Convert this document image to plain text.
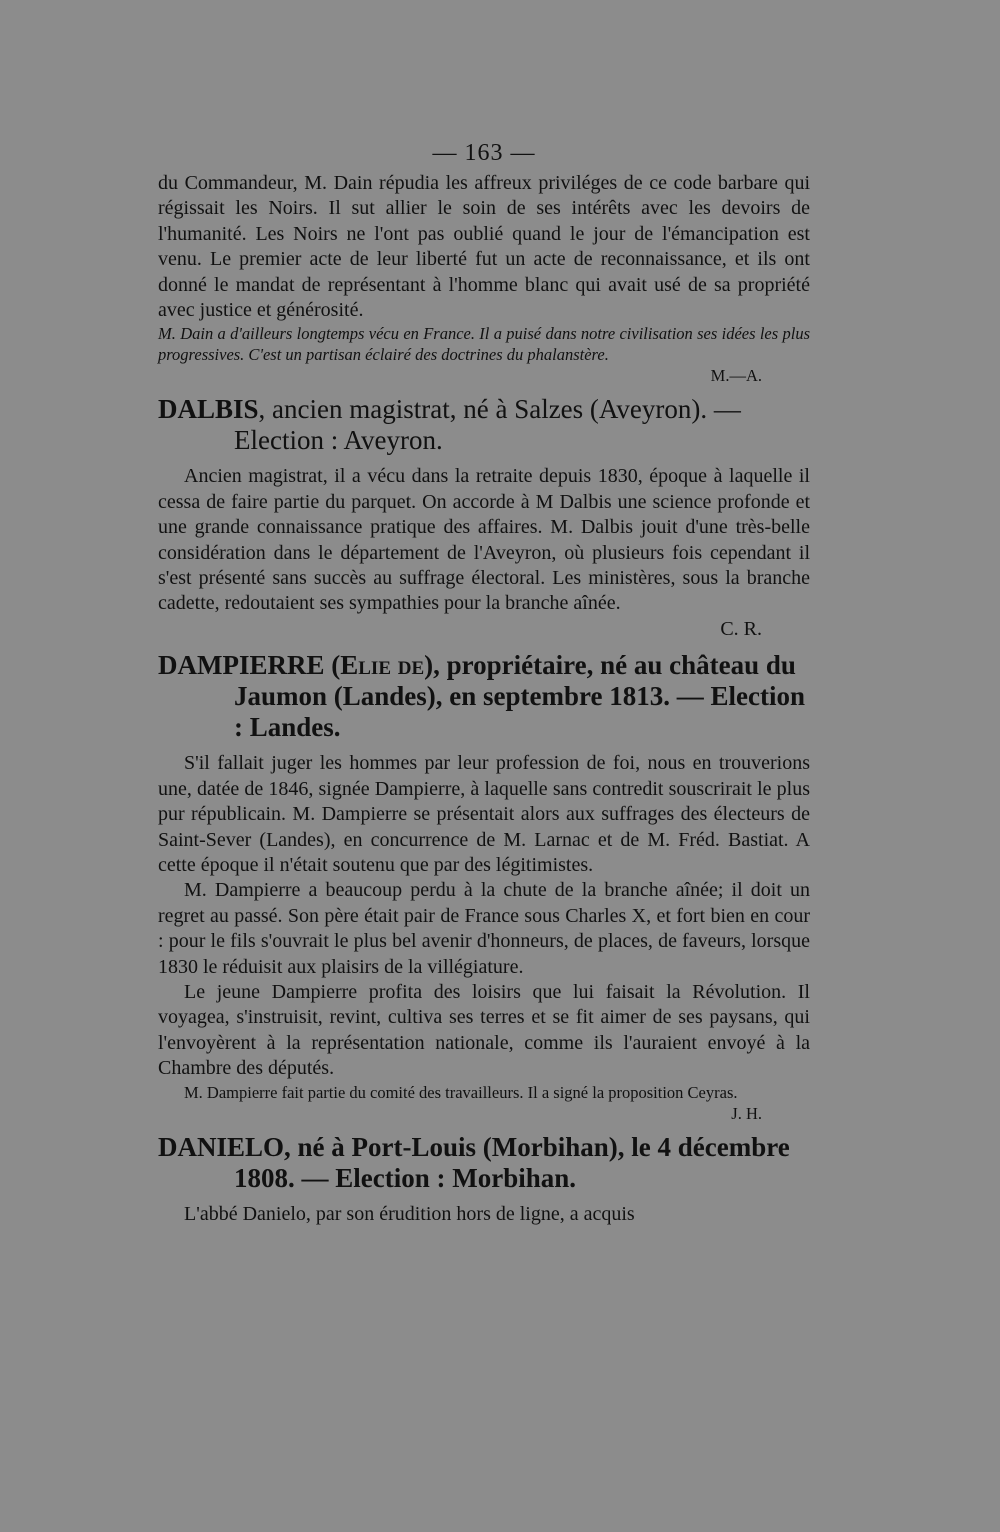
— 163 —

du Commandeur, M. Dain répudia les affreux priviléges de ce code barbare qui régissait les Noirs. Il sut allier le soin de ses intérêts avec les devoirs de l'humanité. Les Noirs ne l'ont pas oublié quand le jour de l'émancipation est venu. Le premier acte de leur liberté fut un acte de reconnaissance, et ils ont donné le mandat de représentant à l'homme blanc qui avait usé de sa propriété avec justice et générosité.

M. Dain a d'ailleurs longtemps vécu en France. Il a puisé dans notre civilisation ses idées les plus progressives. C'est un partisan éclairé des doctrines du phalanstère.

M.—A.

DALBIS, ancien magistrat, né à Salzes (Aveyron). — Election : Aveyron.

Ancien magistrat, il a vécu dans la retraite depuis 1830, époque à laquelle il cessa de faire partie du parquet. On accorde à M Dalbis une science profonde et une grande connaissance pratique des affaires. M. Dalbis jouit d'une très-belle considération dans le département de l'Aveyron, où plusieurs fois cependant il s'est présenté sans succès au suffrage électoral. Les ministères, sous la branche cadette, redoutaient ses sympathies pour la branche aînée.

C. R.

DAMPIERRE (Elie de), propriétaire, né au château du Jaumon (Landes), en septembre 1813. — Election : Landes.

S'il fallait juger les hommes par leur profession de foi, nous en trouverions une, datée de 1846, signée Dampierre, à laquelle sans contredit souscrirait le plus pur républicain. M. Dampierre se présentait alors aux suffrages des électeurs de Saint-Sever (Landes), en concurrence de M. Larnac et de M. Fréd. Bastiat. A cette époque il n'était soutenu que par des légitimistes.

M. Dampierre a beaucoup perdu à la chute de la branche aînée; il doit un regret au passé. Son père était pair de France sous Charles X, et fort bien en cour : pour le fils s'ouvrait le plus bel avenir d'honneurs, de places, de faveurs, lorsque 1830 le réduisit aux plaisirs de la villégiature.

Le jeune Dampierre profita des loisirs que lui faisait la Révolution. Il voyagea, s'instruisit, revint, cultiva ses terres et se fit aimer de ses paysans, qui l'envoyèrent à la représentation nationale, comme ils l'auraient envoyé à la Chambre des députés.

M. Dampierre fait partie du comité des travailleurs. Il a signé la proposition Ceyras.

J. H.

DANIELO, né à Port-Louis (Morbihan), le 4 décembre 1808. — Election : Morbihan.

L'abbé Danielo, par son érudition hors de ligne, a acquis
